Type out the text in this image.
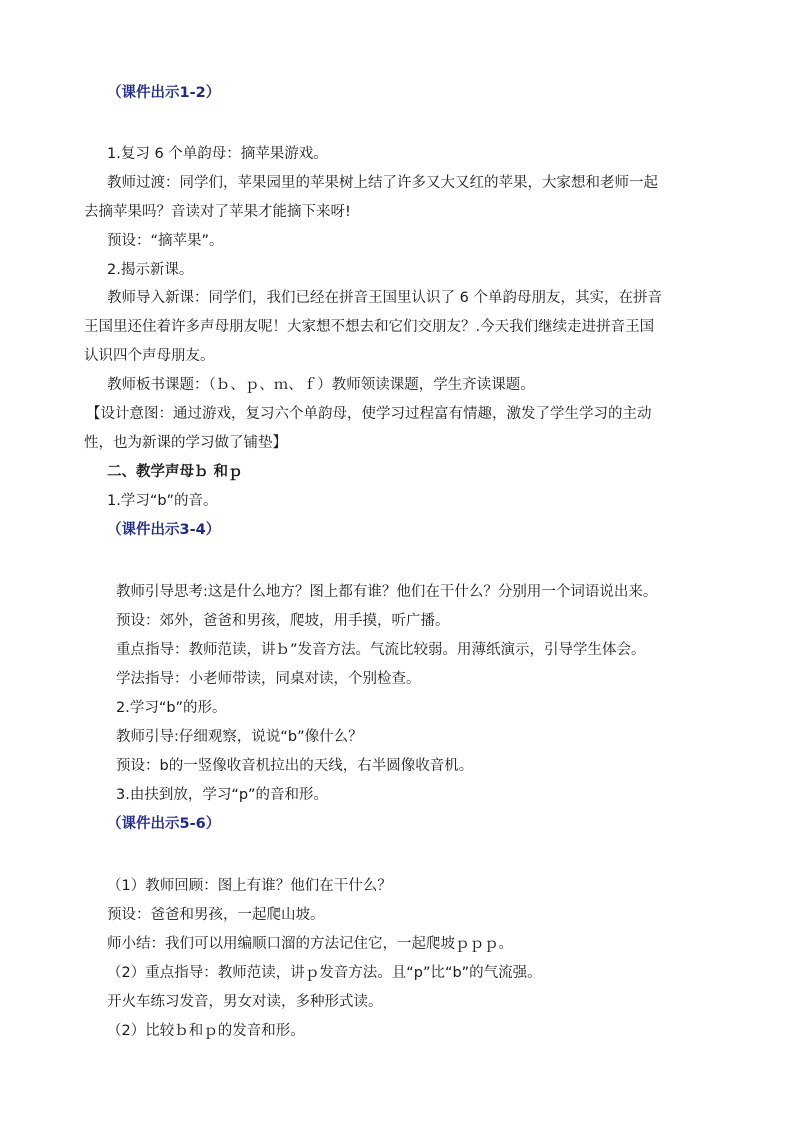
（课件出示1-2）
1.复习 6 个单韵母：摘苹果游戏。
教师过渡：同学们，苹果园里的苹果树上结了许多又大又红的苹果，大家想和老师一起
去摘苹果吗？音读对了苹果才能摘下来呀!
预设：“摘苹果”。
2.揭示新课。
教师导入新课：同学们，我们已经在拼音王国里认识了 6 个单韵母朋友，其实，在拼音
王国里还住着许多声母朋友呢！大家想不想去和它们交朋友？.今天我们继续走进拼音王国
认识四个声母朋友。
教师板书课题：（ｂ、ｐ、ｍ、ｆ）教师领读课题，学生齐读课题。
【设计意图：通过游戏，复习六个单韵母，使学习过程富有情趣，激发了学生学习的主动
性，也为新课的学习做了铺垫】
二、教学声母ｂ 和ｐ
1.学习“b”的音。
（课件出示3-4）
教师引导思考:这是什么地方？图上都有谁？他们在干什么？分别用一个词语说出来。
预设：郊外，爸爸和男孩，爬坡，用手摸，听广播。
重点指导：教师范读，讲ｂ”发音方法。气流比较弱。用薄纸演示，引导学生体会。
学法指导：小老师带读，同桌对读，个别检查。
2.学习“b”的形。
教师引导:仔细观察，说说“b”像什么？
预设：b的一竖像收音机拉出的天线，右半圆像收音机。
3.由扶到放，学习“p”的音和形。
（课件出示5-6）
（1）教师回顾：图上有谁？他们在干什么？
预设：爸爸和男孩，一起爬山坡。
师小结：我们可以用编顺口溜的方法记住它，一起爬坡ｐｐｐ。
（2）重点指导：教师范读，讲ｐ发音方法。且“p”比“b”的气流强。
开火车练习发音，男女对读，多种形式读。
（2）比较ｂ和ｐ的发音和形。
